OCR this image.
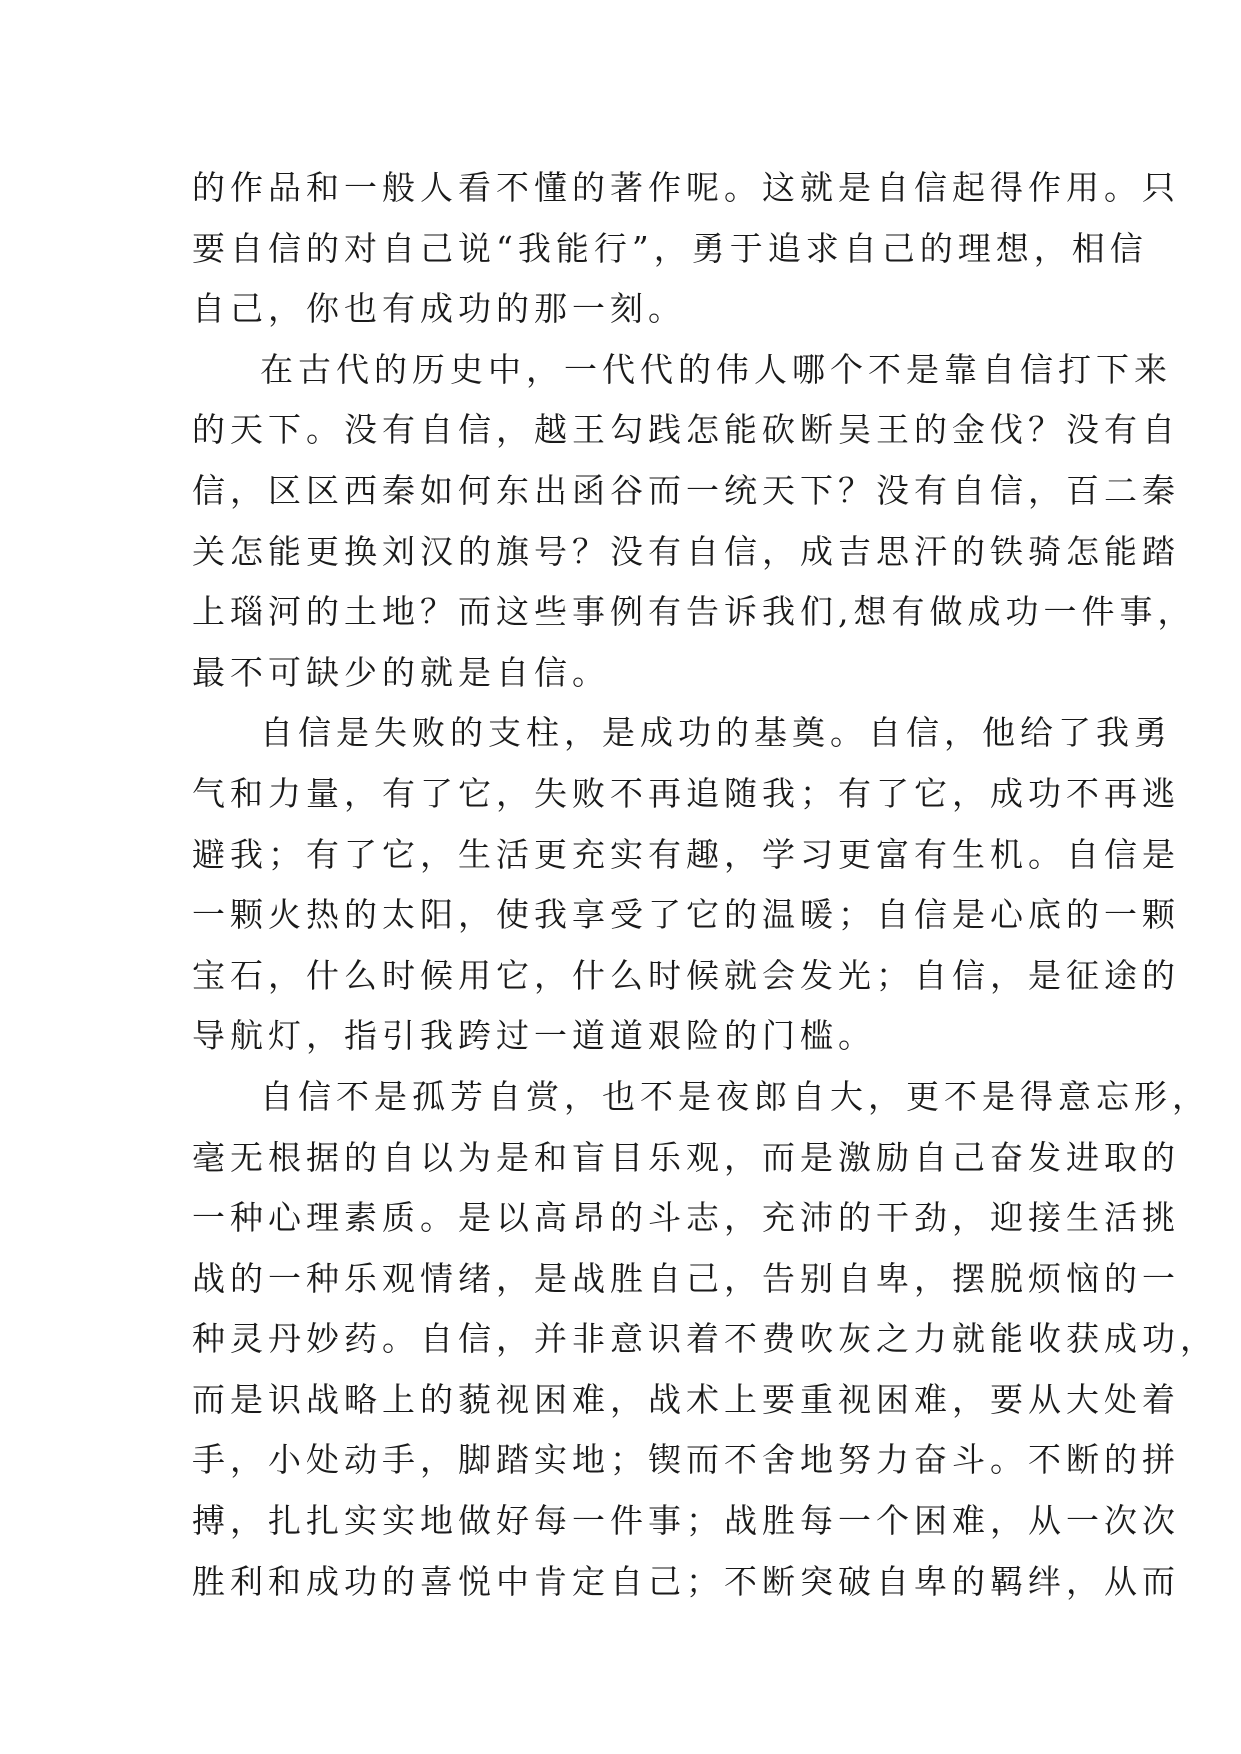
的作品和一般人看不懂的著作呢。这就是自信起得作用。只
要自信的对自己说“我能行”，勇于追求自己的理想，相信
自己，你也有成功的那一刻。
在古代的历史中，一代代的伟人哪个不是靠自信打下来
的天下。没有自信，越王勾践怎能砍断吴王的金伐？没有自
信，区区西秦如何东出函谷而一统天下？没有自信，百二秦
关怎能更换刘汉的旗号？没有自信，成吉思汗的铁骑怎能踏
上瑙河的土地？而这些事例有告诉我们,想有做成功一件事，
最不可缺少的就是自信。
自信是失败的支柱，是成功的基奠。自信，他给了我勇
气和力量，有了它，失败不再追随我；有了它，成功不再逃
避我；有了它，生活更充实有趣，学习更富有生机。自信是
一颗火热的太阳，使我享受了它的温暖；自信是心底的一颗
宝石，什么时候用它，什么时候就会发光；自信，是征途的
导航灯，指引我跨过一道道艰险的门槛。
自信不是孤芳自赏，也不是夜郎自大，更不是得意忘形，
毫无根据的自以为是和盲目乐观，而是激励自己奋发进取的
一种心理素质。是以高昂的斗志，充沛的干劲，迎接生活挑
战的一种乐观情绪，是战胜自己，告别自卑，摆脱烦恼的一
种灵丹妙药。自信，并非意识着不费吹灰之力就能收获成功，
而是识战略上的藐视困难，战术上要重视困难，要从大处着
手，小处动手，脚踏实地；锲而不舍地努力奋斗。不断的拼
搏，扎扎实实地做好每一件事；战胜每一个困难，从一次次
胜利和成功的喜悦中肯定自己；不断突破自卑的羁绊，从而
